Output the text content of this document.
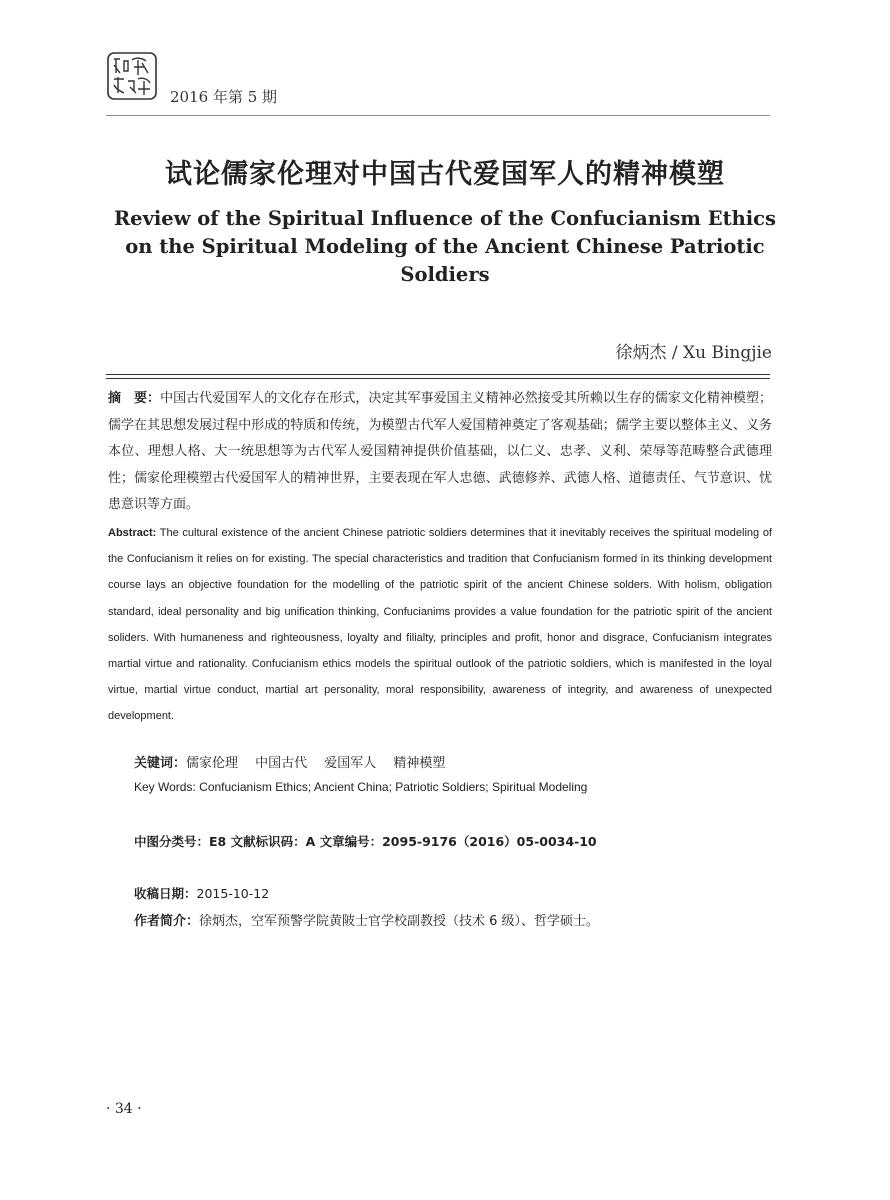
2016 年第 5 期
试论儒家伦理对中国古代爱国军人的精神模塑
Review of the Spiritual Influence of the Confucianism Ethics on the Spiritual Modeling of the Ancient Chinese Patriotic Soldiers
徐炳杰 / Xu Bingjie
摘　要：中国古代爱国军人的文化存在形式，决定其军事爱国主义精神必然接受其所赖以生存的儒家文化精神模塑；儒学在其思想发展过程中形成的特质和传统，为模塑古代军人爱国精神奠定了客观基础；儒学主要以整体主义、义务本位、理想人格、大一统思想等为古代军人爱国精神提供价值基础，以仁义、忠孝、义利、荣辱等范畴整合武德理性；儒家伦理模塑古代爱国军人的精神世界，主要表现在军人忠德、武德修养、武德人格、道德责任、气节意识、忧患意识等方面。
Abstract: The cultural existence of the ancient Chinese patriotic soldiers determines that it inevitably receives the spiritual modeling of the Confucianism it relies on for existing. The special characteristics and tradition that Confucianism formed in its thinking development course lays an objective foundation for the modelling of the patriotic spirit of the ancient Chinese solders. With holism, obligation standard, ideal personality and big unification thinking, Confucianims provides a value foundation for the patriotic spirit of the ancient soliders. With humaneness and righteousness, loyalty and filialty, principles and profit, honor and disgrace, Confucianism integrates martial virtue and rationality. Confucianism ethics models the spiritual outlook of the patriotic soldiers, which is manifested in the loyal virtue, martial virtue conduct, martial art personality, moral responsibility, awareness of integrity, and awareness of unexpected development.
关键词：儒家伦理　 中国古代　 爱国军人　 精神模塑
Key Words: Confucianism Ethics; Ancient China; Patriotic Soldiers; Spiritual Modeling
中图分类号：E8 文献标识码：A 文章编号：2095-9176（2016）05-0034-10
收稿日期：2015-10-12
作者简介：徐炳杰，空军预警学院黄陂士官学校副教授（技术 6 级）、哲学硕士。
· 34 ·
